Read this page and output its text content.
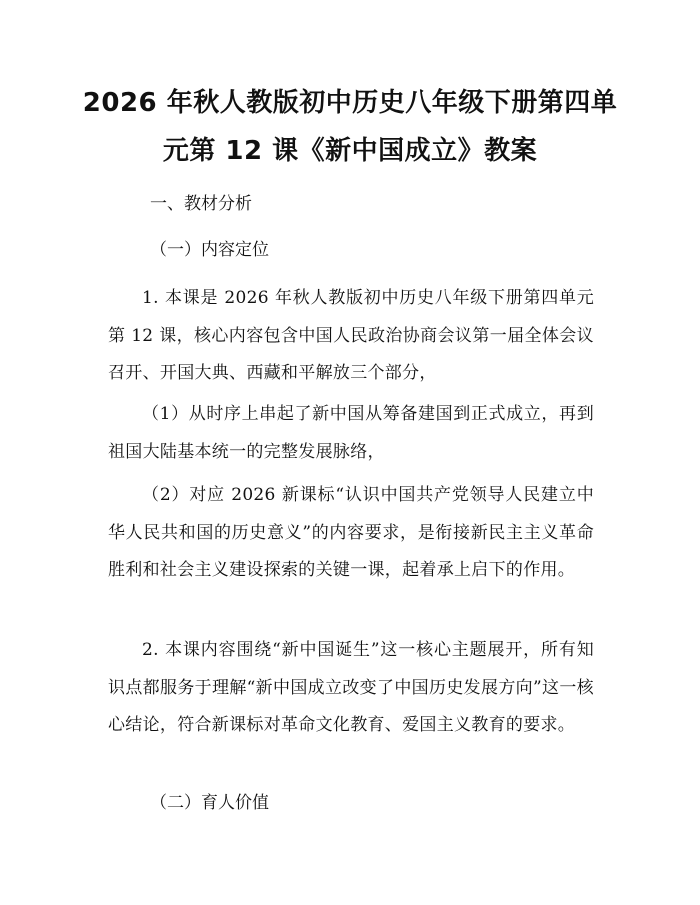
2026 年秋人教版初中历史八年级下册第四单
元第 12 课《新中国成立》教案
一、教材分析
（一）内容定位

1. 本课是 2026 年秋人教版初中历史八年级下册第四单元第 12 课，核心内容包含中国人民政治协商会议第一届全体会议召开、开国大典、西藏和平解放三个部分，

（1）从时序上串起了新中国从筹备建国到正式成立，再到祖国大陆基本统一的完整发展脉络，

（2）对应 2026 新课标“认识中国共产党领导人民建立中华人民共和国的历史意义”的内容要求，是衔接新民主主义革命胜利和社会主义建设探索的关键一课，起着承上启下的作用。

2. 本课内容围绕“新中国诞生”这一核心主题展开，所有知识点都服务于理解“新中国成立改变了中国历史发展方向”这一核心结论，符合新课标对革命文化教育、爱国主义教育的要求。

（二）育人价值
